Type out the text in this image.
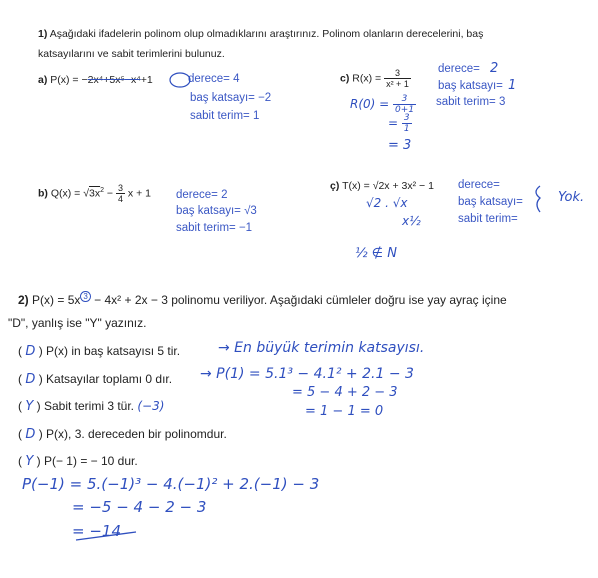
1) Aşağıdaki ifadelerin polinom olup olmadıklarını araştırınız. Polinom olanların derecelerini, baş
katsayılarını ve sabit terimlerini bulunuz.
a) P(x) = −2x⁴+5x⁵−x⁴+1	derece= 4
baş katsayı= −2
sabit terim= 1
c) $R(x) = \frac{3}{\text{x² + 1}}$ derece= 2
baş katsayı= 1
$R(0) = \frac{3}{0+1}$ sabit terim= 3
= $\frac{3}{1}$
= 3
b) $Q(x) = √3x^2 - \frac{3}{4}$ x + 1 derece= 2
baş katsayı= √3
sabit terim= −1
ç) T(x) = √2x + 3x² − 1 derece=
baş katsayı=
sabit terim=
√2 . √x
x½
Yok.
½ ∉ N
2) P(x) = 5x $^3$ − 4x² + 2x − 3 polinomu veriliyor. Aşağıdaki cümleler doğru ise yay ayraç içine
"D", yanlış ise "Y" yazınız.
( D ) P(x) in baş katsayısı 5 tir.	→ En büyük terimin katsayısı.
( D ) Katsayılar toplamı 0 dır. → P(1) = 5.1³ − 4.1² + 2.1 − 3
= 5 − 4 + 2 − 3
= 1 − 1 = 0
( Y ) Sabit terimi 3 tür. (−3)
( D ) P(x), 3. dereceden bir polinomdur.
( Y ) P(− 1) = − 10 dur.
P(−1) = 5.(−1)³ − 4.(−1)² + 2.(−1) − 3
= −5 − 4 − 2 − 3
= −14
